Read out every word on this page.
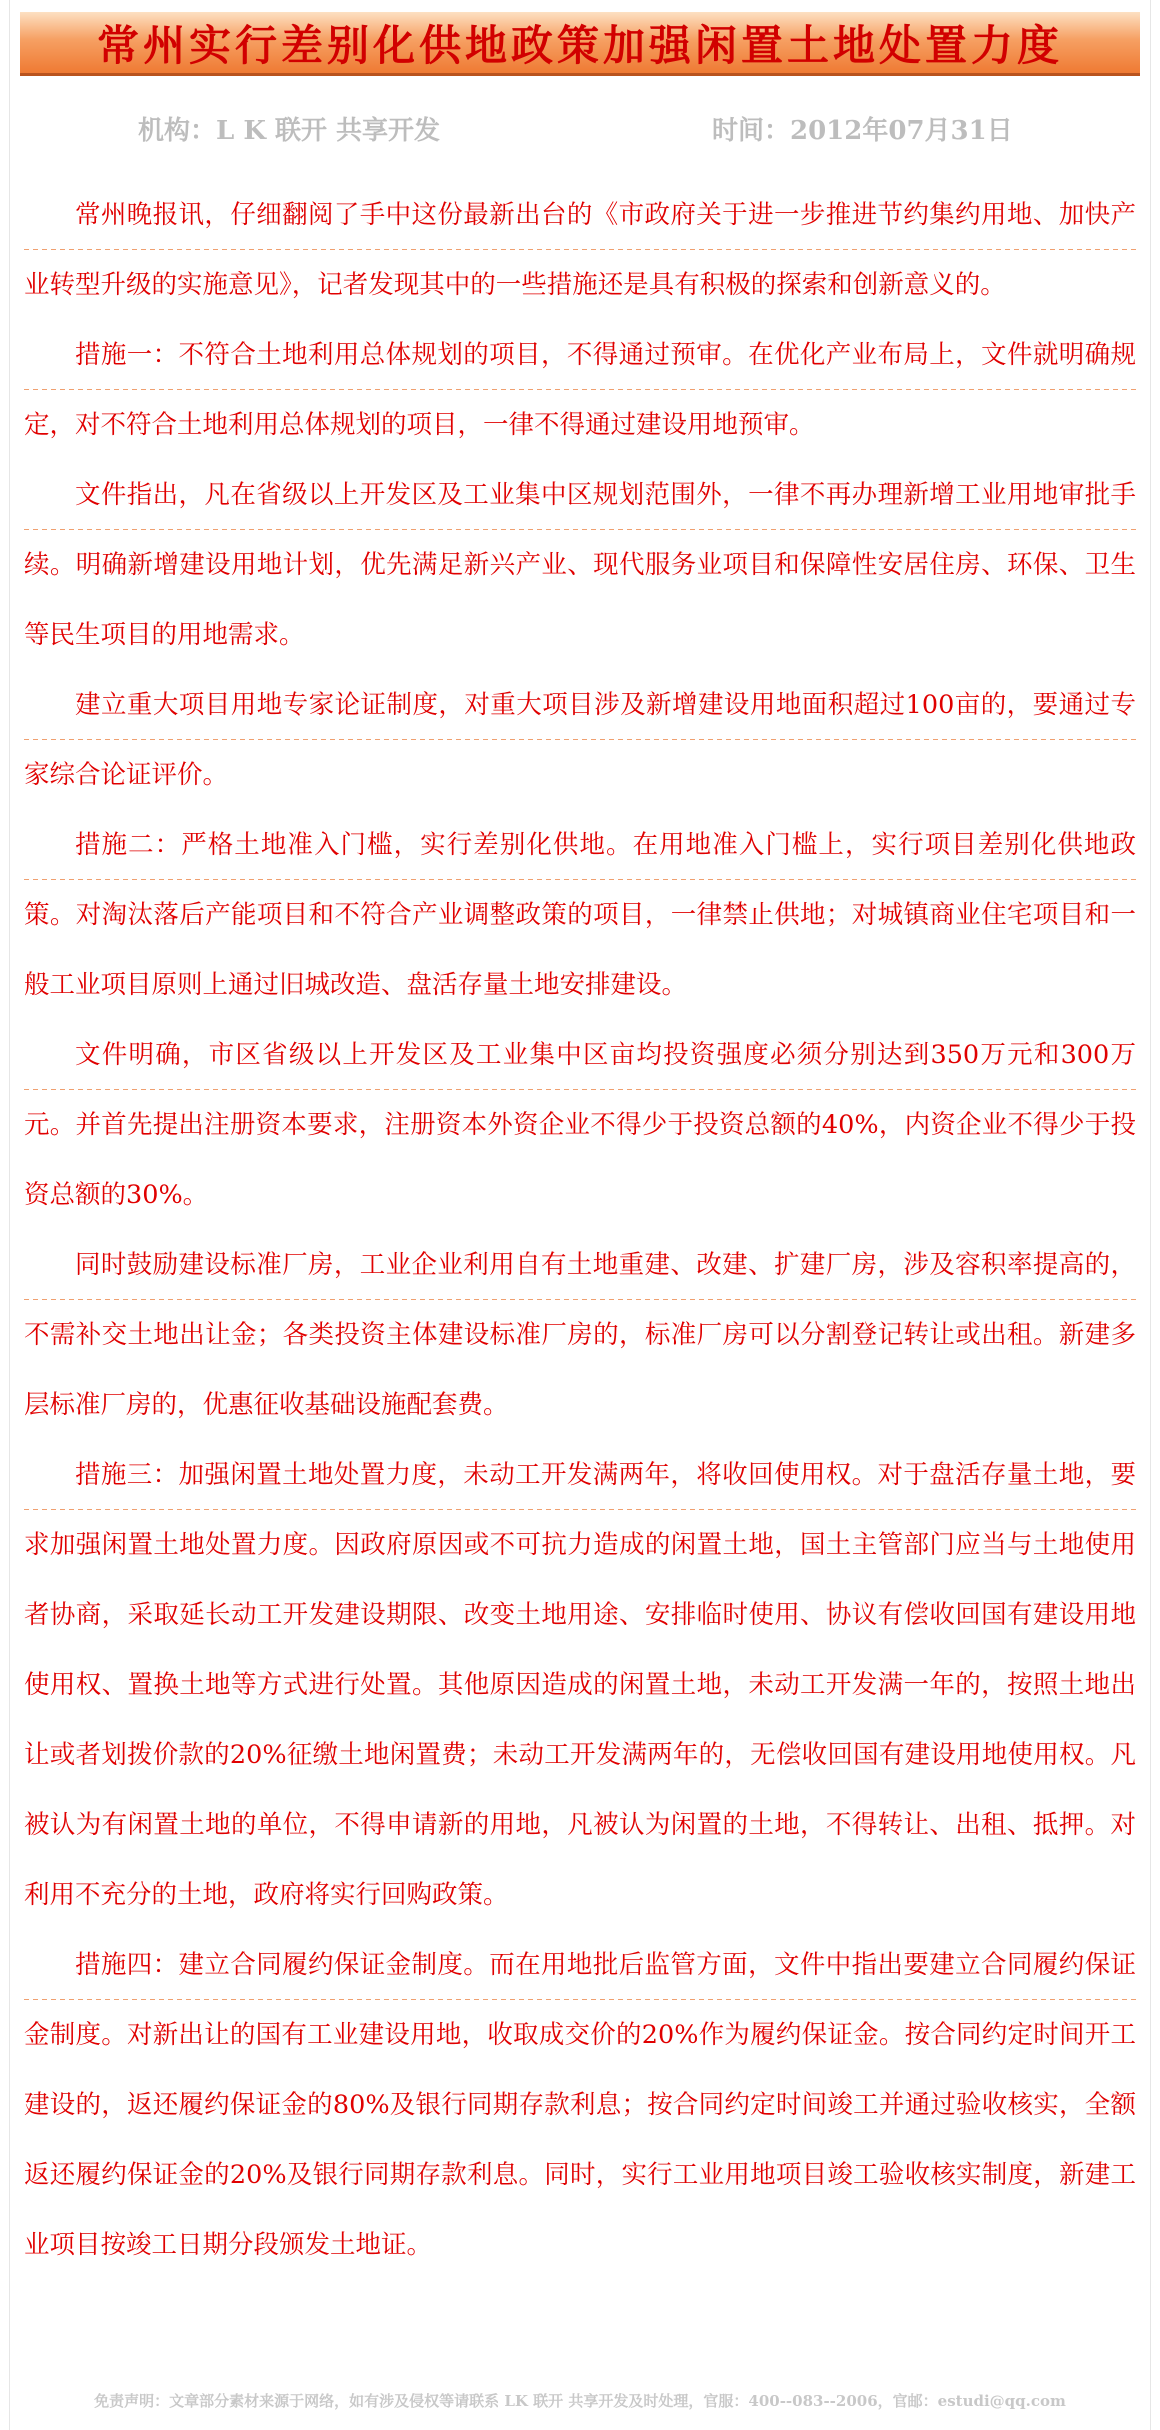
常州实行差别化供地政策加强闲置土地处置力度
机构：L K 联开 共享开发	时间：2012年07月31日

常州晚报讯，仔细翻阅了手中这份最新出台的《市政府关于进一步推进节约集约用地、加快产业转型升级的实施意见》，记者发现其中的一些措施还是具有积极的探索和创新意义的。

措施一：不符合土地利用总体规划的项目，不得通过预审。在优化产业布局上，文件就明确规定，对不符合土地利用总体规划的项目，一律不得通过建设用地预审。

文件指出，凡在省级以上开发区及工业集中区规划范围外，一律不再办理新增工业用地审批手续。明确新增建设用地计划，优先满足新兴产业、现代服务业项目和保障性安居住房、环保、卫生等民生项目的用地需求。

建立重大项目用地专家论证制度，对重大项目涉及新增建设用地面积超过100亩的，要通过专家综合论证评价。

措施二：严格土地准入门槛，实行差别化供地。在用地准入门槛上，实行项目差别化供地政策。对淘汰落后产能项目和不符合产业调整政策的项目，一律禁止供地；对城镇商业住宅项目和一般工业项目原则上通过旧城改造、盘活存量土地安排建设。

文件明确，市区省级以上开发区及工业集中区亩均投资强度必须分别达到350万元和300万元。并首先提出注册资本要求，注册资本外资企业不得少于投资总额的40%，内资企业不得少于投资总额的30%。

同时鼓励建设标准厂房，工业企业利用自有土地重建、改建、扩建厂房，涉及容积率提高的，不需补交土地出让金；各类投资主体建设标准厂房的，标准厂房可以分割登记转让或出租。新建多层标准厂房的，优惠征收基础设施配套费。

措施三：加强闲置土地处置力度，未动工开发满两年，将收回使用权。对于盘活存量土地，要求加强闲置土地处置力度。因政府原因或不可抗力造成的闲置土地，国土主管部门应当与土地使用者协商，采取延长动工开发建设期限、改变土地用途、安排临时使用、协议有偿收回国有建设用地使用权、置换土地等方式进行处置。其他原因造成的闲置土地，未动工开发满一年的，按照土地出让或者划拨价款的20%征缴土地闲置费；未动工开发满两年的，无偿收回国有建设用地使用权。凡被认为有闲置土地的单位，不得申请新的用地，凡被认为闲置的土地，不得转让、出租、抵押。对利用不充分的土地，政府将实行回购政策。

措施四：建立合同履约保证金制度。而在用地批后监管方面，文件中指出要建立合同履约保证金制度。对新出让的国有工业建设用地，收取成交价的20%作为履约保证金。按合同约定时间开工建设的，返还履约保证金的80%及银行同期存款利息；按合同约定时间竣工并通过验收核实，全额返还履约保证金的20%及银行同期存款利息。同时，实行工业用地项目竣工验收核实制度，新建工业项目按竣工日期分段颁发土地证。

免责声明：文章部分素材来源于网络，如有涉及侵权等请联系 LK 联开 共享开发及时处理，官服：400--083--2006，官邮：estudi@qq.com
